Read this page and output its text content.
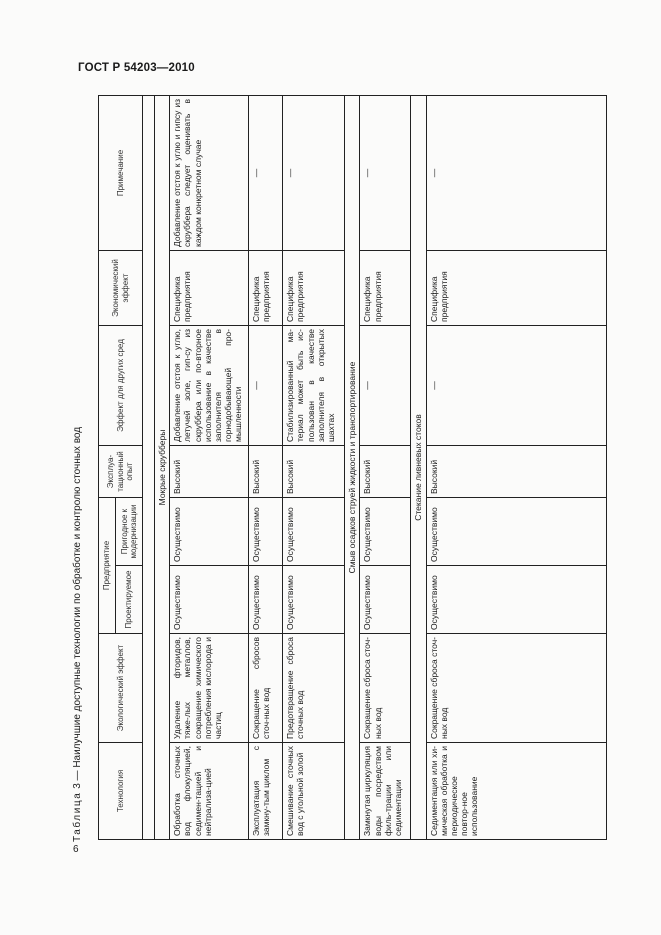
ГОСТ Р 54203—2010
6
Таблица 3 — Наилучшие доступные технологии по обработке и контролю сточных вод	Технология	Экологический эффект	Предприятие		Эксплуа-тационный опыт	Эффект для других сред	Экономический эффект	Примечание
		Проектируемое	Пригодное к модернизации				

Мокрые скрубберы							
Обработка сточных вод флокуляцией, седимен-тацией и нейтрализа-цией	Удаление фторидов, тяже-лых металлов, сокращение химического потребления кислорода и частиц	Осуществимо	Осуществимо	Высокий	Добавление отстоя к углю, летучей золе, гип-су из скруббера или по-вторное использование в качестве заполнителя в горнодобывающей про-мышленности	Специфика предприятия	Добавление отстоя к углю и гипсу из скруббера следует оценивать в каждом конкретном случае
Эксплуатация с замкну-тым циклом	Сокращение сбросов сточ-ных вод	Осуществимо	Осуществимо	Высокий	—	Специфика предприятия	—
Смешивание сточных вод с угольной золой	Предотвращение сброса сточных вод	Осуществимо	Осуществимо	Высокий	Стабилизированный ма-териал может быть ис-пользован в качестве заполнителя в открытых шахтах	Специфика предприятия	—
Смыв осадков струей жидкости и транспортирование							
Замкнутая циркуляция воды посредством филь-трации или седиментации	Сокращение сброса сточ-ных вод	Осуществимо	Осуществимо	Высокий	—	Специфика предприятия	—
Стекание ливневых стоков							
Седиментация или хи-мическая обработка и периодическое повтор-ное использование	Сокращение сброса сточ-ных вод	Осуществимо	Осуществимо	Высокий	—	Специфика предприятия	—
